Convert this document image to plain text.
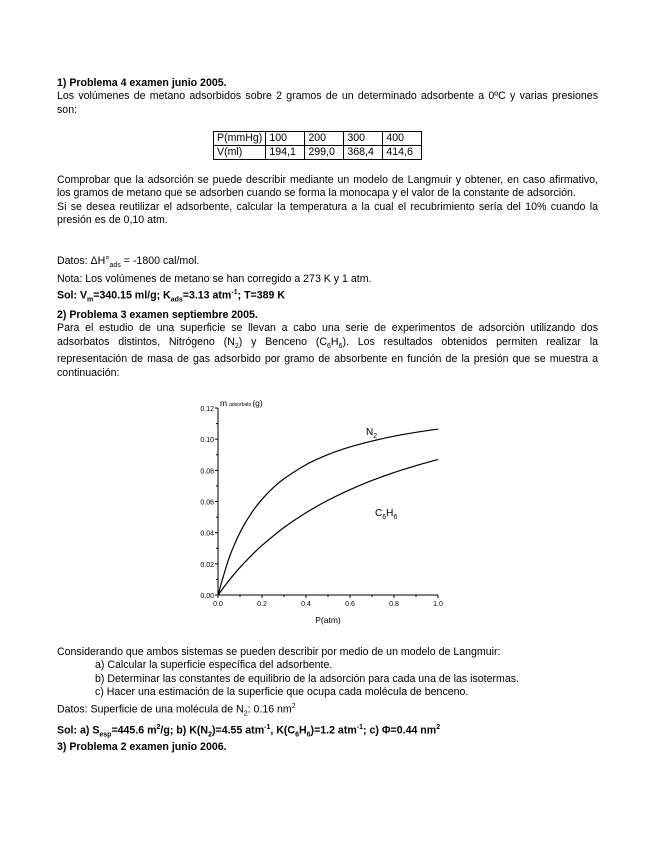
1) Problema 4 examen junio 2005.

Los volúmenes de metano adsorbidos sobre 2 gramos de un determinado adsorbente a 0ºC y varias presiones son:

P(mmHg)	100	200	300	400
V(ml)	194,1	299,0	368,4	414,6

Comprobar que la adsorción se puede describir mediante un modelo de Langmuir y obtener, en caso afirmativo, los gramos de metano que se adsorben cuando se forma la monocapa y el valor de la constante de adsorción.

Si se desea reutilizar el adsorbente, calcular la temperatura a la cual el recubrimiento sería del 10% cuando la presión es de 0,10 atm.

Datos: $\Delta H^\circ_{ads} = -1800$ cal/mol.

Nota: Los volúmenes de metano se han corregido a 273 K y 1 atm.

Sol: $V_m=340.15$ ml/g; $K_{ads}=3.13$ atm$^{-1}$; T=389 K

2) Problema 3 examen septiembre 2005.

Para el estudio de una superficie se llevan a cabo una serie de experimentos de adsorción utilizando dos adsorbatos distintos, Nitrógeno $(N_2)$ y Benceno $(C_6H_6)$. Los resultados obtenidos permiten realizar la representación de masa de gas adsorbido por gramo de absorbente en función de la presión que se muestra a continuación:

0.00
0.02
0.04
0.06
0.08
0.10
0.12
0.0	0.2	0.4	0.6	0.8	1.0
madsorbato(g)
P(atm)
$N_2$
$C_6H_6$

Considerando que ambos sistemas se pueden describir por medio de un modelo de Langmuir:

a) Calcular la superficie específica del adsorbente.

b) Determinar las constantes de equilibrio de la adsorción para cada una de las isotermas.

c) Hacer una estimación de la superficie que ocupa cada molécula de benceno.

Datos: Superficie de una molécula de $N_2$: 0.16 $nm^2$

Sol: a) $S_{esp}=445.6$ $m^2/g$; b) $K(N_2)=4.55$ atm$^{-1}$, $K(C_6H_6)=1.2$ atm$^{-1}$; c) Φ=0.44 $nm^2$

3) Problema 2 examen junio 2006.
